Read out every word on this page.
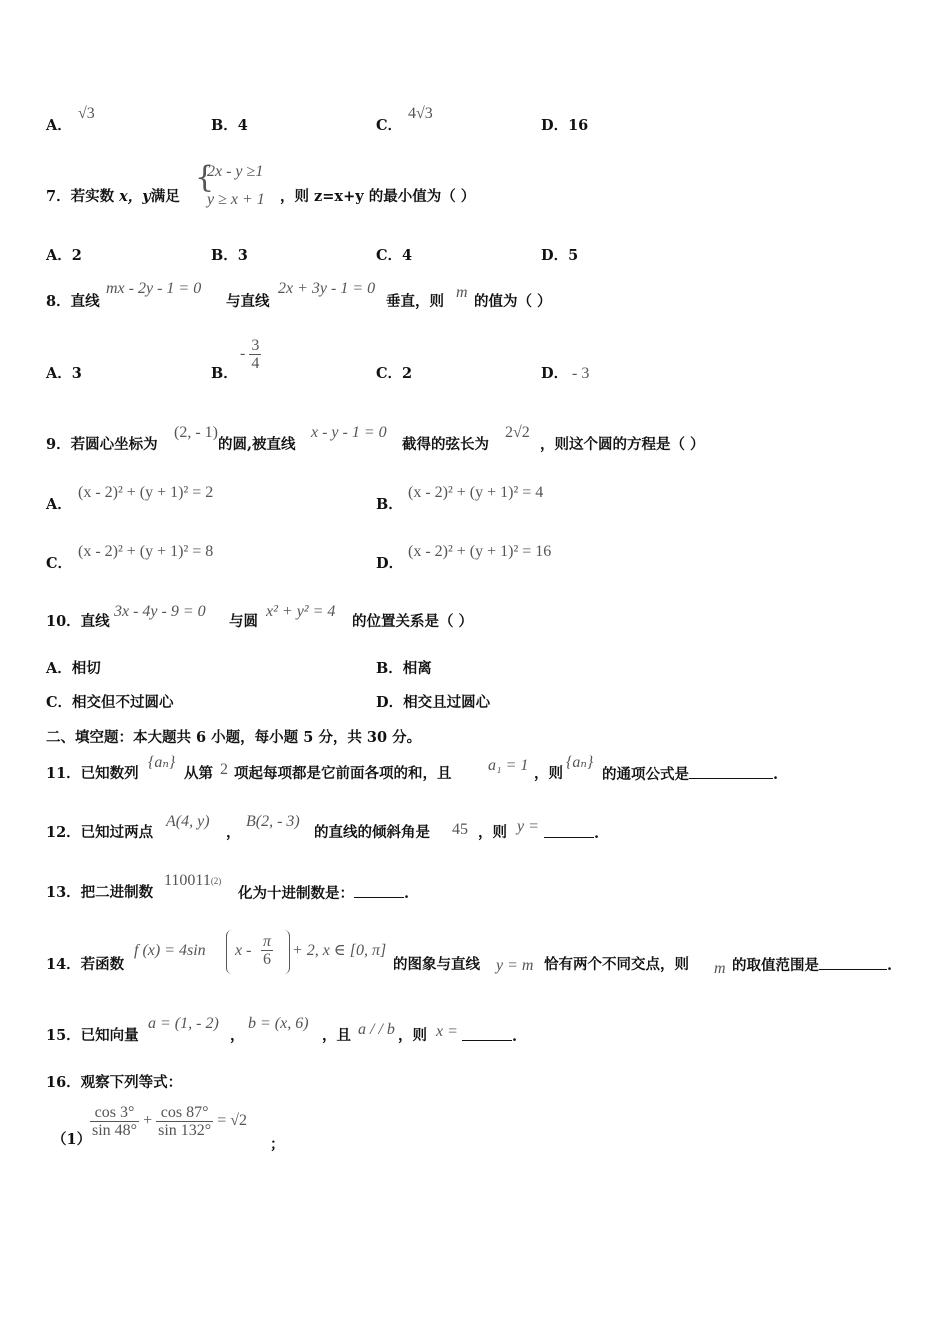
A．
√3
B．4	C．
4√3
D．16
7．若实数 x，y满足
{
2x - y ≥1
y ≥ x + 1 ，则 z=x+y 的最小值为（ ）
A．2	B．3	C．4	D．5
8．直线
mx - 2y - 1 = 0
与直线
2x + 3y - 1 = 0
垂直，则
m
的值为（ ）
A．3	B．
- $\frac{3}{4}$
C．2	D． - 3
9．若圆心坐标为
(2, - 1)
的圆,被直线
x - y - 1 = 0
截得的弦长为
2√2
，则这个圆的方程是（ ）
A．
(x - 2)² + (y + 1)² = 2
B．
(x - 2)² + (y + 1)² = 4
C．
(x - 2)² + (y + 1)² = 8
D．
(x - 2)² + (y + 1)² = 16
10．直线
3x - 4y - 9 = 0
与圆
x² + y² = 4
的位置关系是（ ）
A．相切	B．相离
C．相交但不过圆心	D．相交且过圆心
二、填空题：本大题共 6 小题，每小题 5 分，共 30 分。
11．已知数列
{aₙ}
从第 2 项起每项都是它前面各项的和，且 a₁ = 1 ，则
{aₙ}
的通项公式是	.
12．已知过两点
A(4, y)
，
B(2, - 3)
的直线的倾斜角是 45 ，则 y =	.
13．把二进制数
110011(2)
化为十进制数是：	.
14．若函数
f (x) = 4sin $x - \frac{\pi}{6} + 2$, x ∈ [0, π]
的图象与直线 y = m 恰有两个不同交点，则 m 的取值范围是	.
15．已知向量
a = (1, - 2)
，
b = (x, 6)
，且 a / / b ，则 x =	.
16．观察下列等式：
（1）
$\frac{\cos 3^\circ}{\sin 48^\circ} + \frac{\cos 87^\circ}{\sin 132^\circ} = √2$
；
